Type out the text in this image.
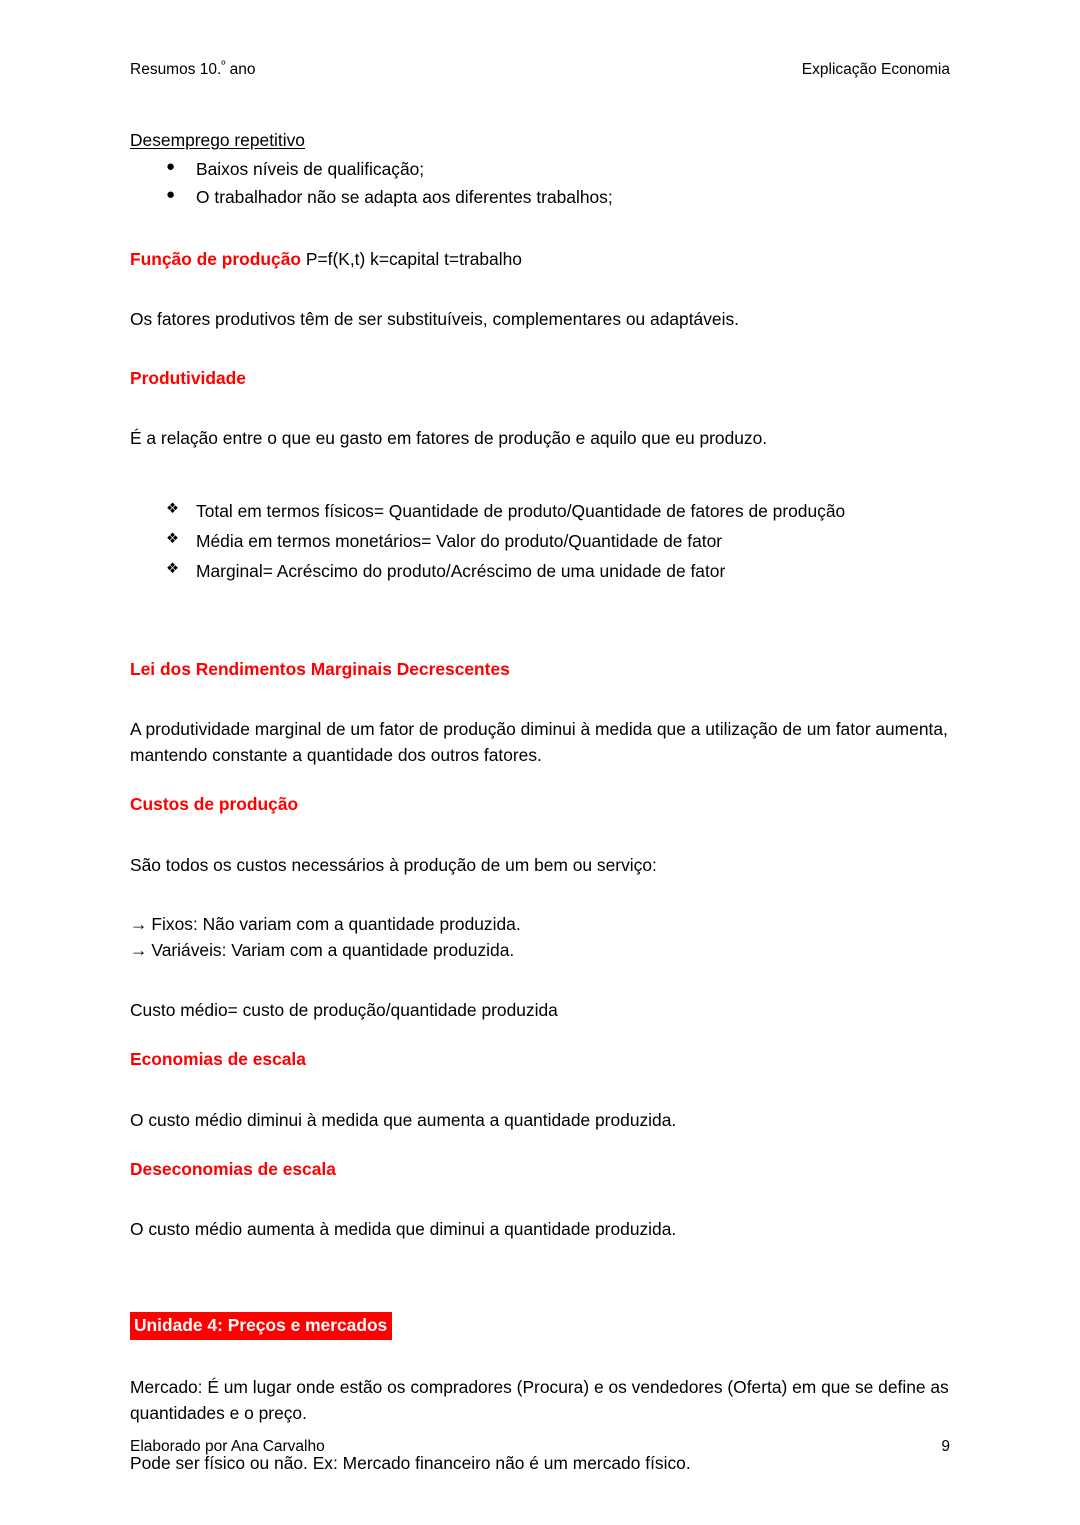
Resumos 10.$^º$ ano	Explicação Economia
Desemprego repetitivo
● Baixos níveis de qualificação;
● O trabalhador não se adapta aos diferentes trabalhos;

Função de produção P=f(K,t) k=capital t=trabalho

Os fatores produtivos têm de ser substituíveis, complementares ou adaptáveis.

Produtividade

É a relação entre o que eu gasto em fatores de produção e aquilo que eu produzo.

❖ Total em termos físicos= Quantidade de produto/Quantidade de fatores de produção
❖ Média em termos monetários= Valor do produto/Quantidade de fator
❖ Marginal= Acréscimo do produto/Acréscimo de uma unidade de fator
Lei dos Rendimentos Marginais Decrescentes

A produtividade marginal de um fator de produção diminui à medida que a utilização de um fator aumenta, mantendo constante a quantidade dos outros fatores.

Custos de produção

São todos os custos necessários à produção de um bem ou serviço:

→ Fixos: Não variam com a quantidade produzida.

→ Variáveis: Variam com a quantidade produzida.

Custo médio= custo de produção/quantidade produzida

Economias de escala

O custo médio diminui à medida que aumenta a quantidade produzida.

Deseconomias de escala

O custo médio aumenta à medida que diminui a quantidade produzida.

Unidade 4: Preços e mercados

Mercado: É um lugar onde estão os compradores (Procura) e os vendedores (Oferta) em que se define as quantidades e o preço.

Pode ser físico ou não. Ex: Mercado financeiro não é um mercado físico.

Elaborado por Ana Carvalho	9
